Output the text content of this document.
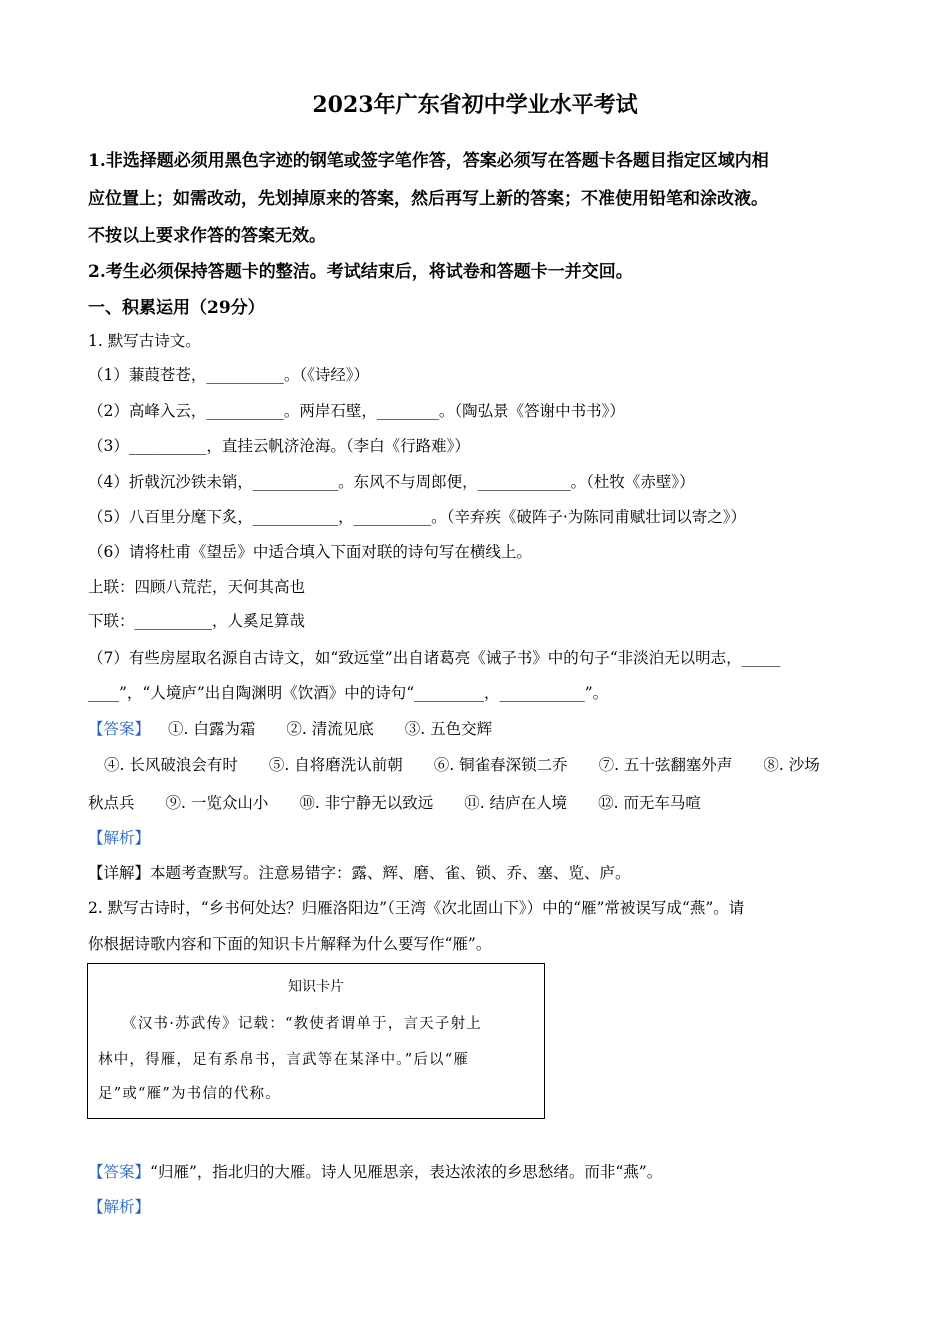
2023年广东省初中学业水平考试
1.非选择题必须用黑色字迹的钢笔或签字笔作答，答案必须写在答题卡各题目指定区域内相
应位置上；如需改动，先划掉原来的答案，然后再写上新的答案；不准使用铅笔和涂改液。
不按以上要求作答的答案无效。
2.考生必须保持答题卡的整洁。考试结束后，将试卷和答题卡一并交回。
一、积累运用（29分）
1. 默写古诗文。
（1）蒹葭苍苍，__________。（《诗经》）
（2）高峰入云，__________。两岸石壁，________。（陶弘景《答谢中书书》）
（3）__________，直挂云帆济沧海。（李白《行路难》）
（4）折戟沉沙铁未销，___________。东风不与周郎便，____________。（杜牧《赤壁》）
（5）八百里分麾下炙，___________，__________。（辛弃疾《破阵子·为陈同甫赋壮词以寄之》）
（6）请将杜甫《望岳》中适合填入下面对联的诗句写在横线上。
上联：四顾八荒茫，天何其高也
下联：__________，人奚足算哉
（7）有些房屋取名源自古诗文，如“致远堂”出自诸葛亮《诫子书》中的句子“非淡泊无以明志，_____
____”，“人境庐”出自陶渊明《饮酒》中的诗句“_________，___________”。
【答案】 ①. 白露为霜　　②. 清流见底　　③. 五色交辉
④. 长风破浪会有时　　⑤. 自将磨洗认前朝　　⑥. 铜雀春深锁二乔　　⑦. 五十弦翻塞外声　　⑧. 沙场
秋点兵　　⑨. 一览众山小　　⑩. 非宁静无以致远　　⑪. 结庐在人境　　⑫. 而无车马喧
【解析】
【详解】本题考查默写。注意易错字：露、辉、磨、雀、锁、乔、塞、览、庐。
2. 默写古诗时，“乡书何处达？归雁洛阳边”（王湾《次北固山下》）中的“雁”常被误写成“燕”。请
你根据诗歌内容和下面的知识卡片解释为什么要写作“雁”。
知识卡片
　　《汉书·苏武传》记载：“教使者谓单于，言天子射上
林中，得雁，足有系帛书，言武等在某泽中。”后以“雁
足”或“雁”为书信的代称。
【答案】“归雁”，指北归的大雁。诗人见雁思亲，表达浓浓的乡思愁绪。而非“燕”。
【解析】
